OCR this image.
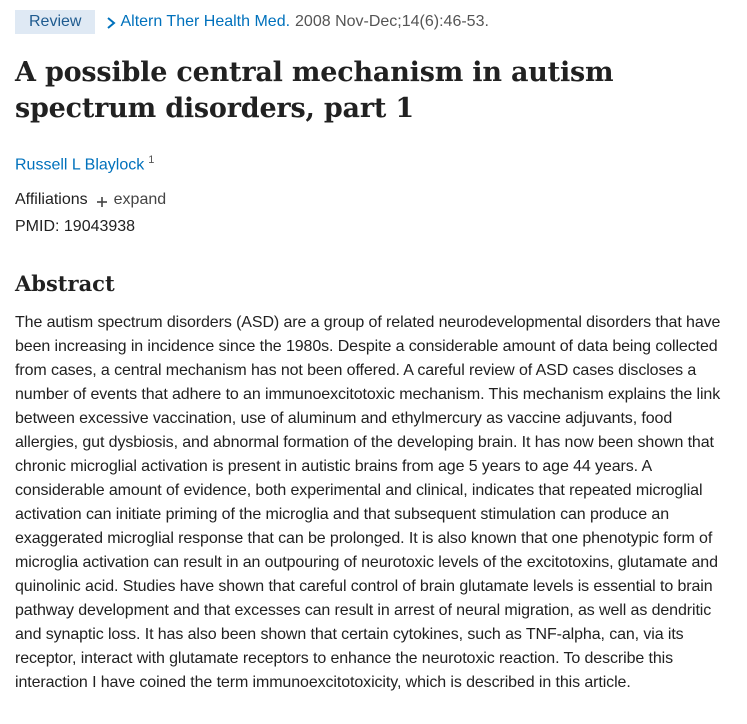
Review	Altern Ther Health Med. 2008 Nov-Dec;14(6):46-53.
A possible central mechanism in autism spectrum disorders, part 1
Russell L Blaylock $^1$
Affiliations expand
PMID: 19043938
Abstract
The autism spectrum disorders (ASD) are a group of related neurodevelopmental disorders that have been increasing in incidence since the 1980s. Despite a considerable amount of data being collected from cases, a central mechanism has not been offered. A careful review of ASD cases discloses a number of events that adhere to an immunoexcitotoxic mechanism. This mechanism explains the link between excessive vaccination, use of aluminum and ethylmercury as vaccine adjuvants, food allergies, gut dysbiosis, and abnormal formation of the developing brain. It has now been shown that chronic microglial activation is present in autistic brains from age 5 years to age 44 years. A considerable amount of evidence, both experimental and clinical, indicates that repeated microglial activation can initiate priming of the microglia and that subsequent stimulation can produce an exaggerated microglial response that can be prolonged. It is also known that one phenotypic form of microglia activation can result in an outpouring of neurotoxic levels of the excitotoxins, glutamate and quinolinic acid. Studies have shown that careful control of brain glutamate levels is essential to brain pathway development and that excesses can result in arrest of neural migration, as well as dendritic and synaptic loss. It has also been shown that certain cytokines, such as TNF-alpha, can, via its receptor, interact with glutamate receptors to enhance the neurotoxic reaction. To describe this interaction I have coined the term immunoexcitotoxicity, which is described in this article.
